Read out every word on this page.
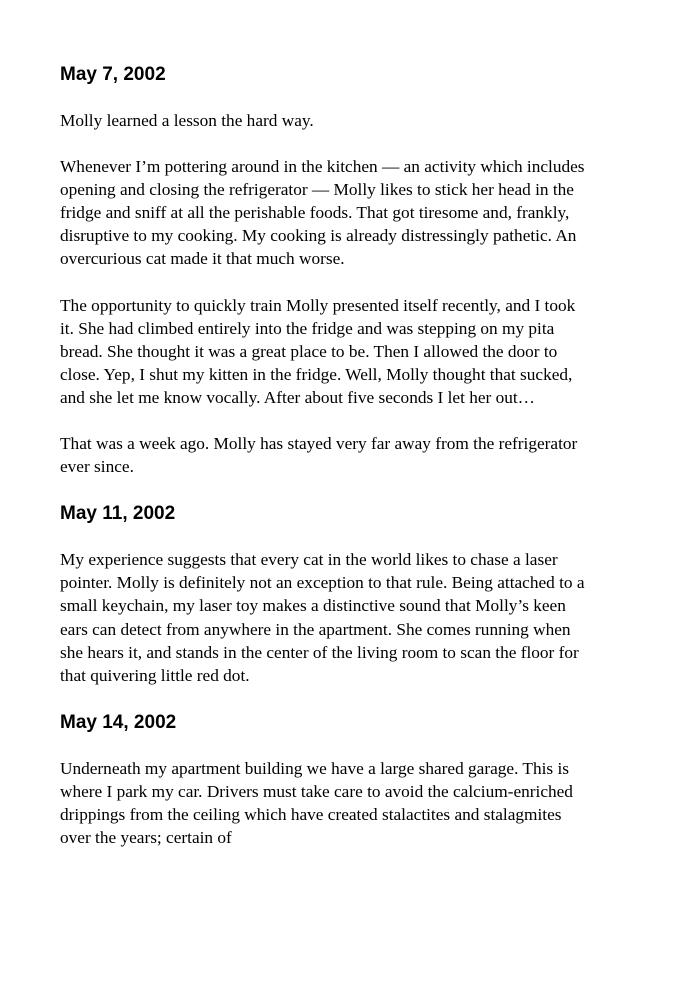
May 7, 2002

Molly learned a lesson the hard way.

Whenever I’m pottering around in the kitchen — an activity which includes opening and closing the refrigerator — Molly likes to stick her head in the fridge and sniff at all the perishable foods. That got tiresome and, frankly, disruptive to my cooking. My cooking is already distressingly pathetic. An overcurious cat made it that much worse.

The opportunity to quickly train Molly presented itself recently, and I took it. She had climbed entirely into the fridge and was stepping on my pita bread. She thought it was a great place to be. Then I allowed the door to close. Yep, I shut my kitten in the fridge. Well, Molly thought that sucked, and she let me know vocally. After about five seconds I let her out…

That was a week ago. Molly has stayed very far away from the refrigerator ever since.

May 11, 2002

My experience suggests that every cat in the world likes to chase a laser pointer. Molly is definitely not an exception to that rule. Being attached to a small keychain, my laser toy makes a distinctive sound that Molly’s keen ears can detect from anywhere in the apartment. She comes running when she hears it, and stands in the center of the living room to scan the floor for that quivering little red dot.

May 14, 2002

Underneath my apartment building we have a large shared garage. This is where I park my car. Drivers must take care to avoid the calcium-enriched drippings from the ceiling which have created stalactites and stalagmites over the years; certain of
